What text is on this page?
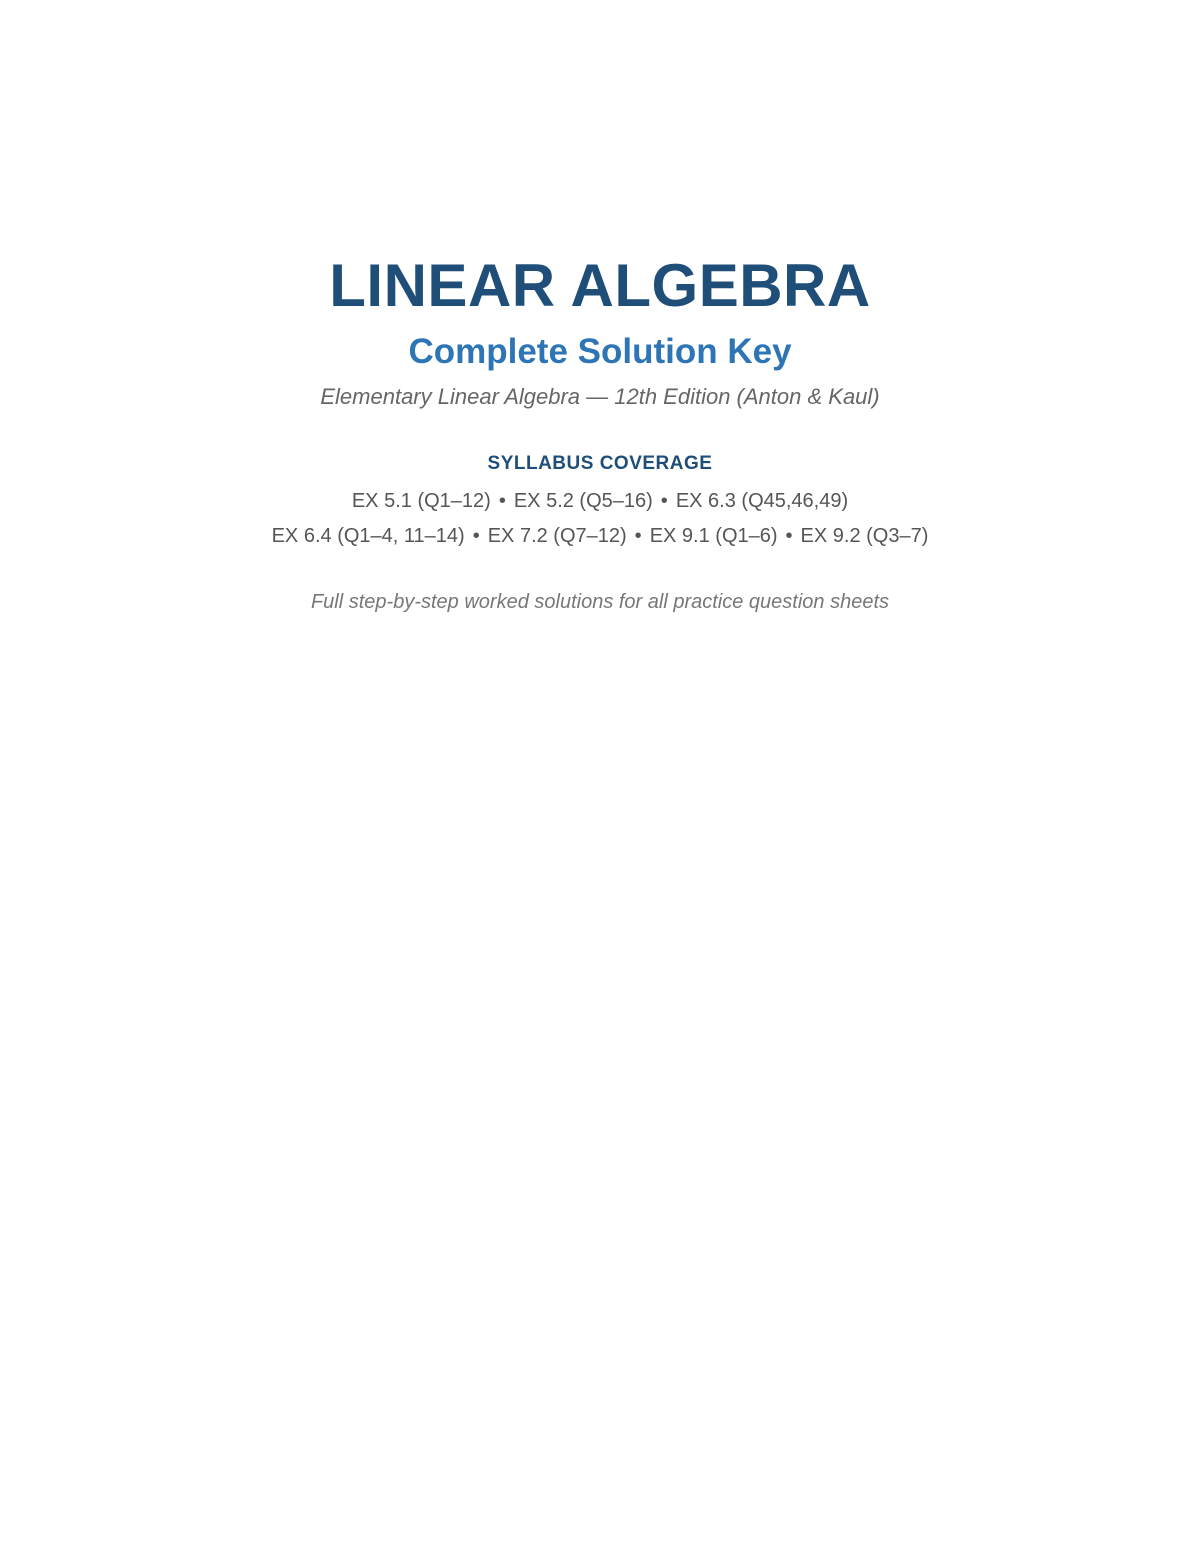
LINEAR ALGEBRA
Complete Solution Key
Elementary Linear Algebra — 12th Edition (Anton & Kaul)
SYLLABUS COVERAGE
EX 5.1 (Q1–12) • EX 5.2 (Q5–16) • EX 6.3 (Q45,46,49)
EX 6.4 (Q1–4, 11–14) • EX 7.2 (Q7–12) • EX 9.1 (Q1–6) • EX 9.2 (Q3–7)
Full step-by-step worked solutions for all practice question sheets
